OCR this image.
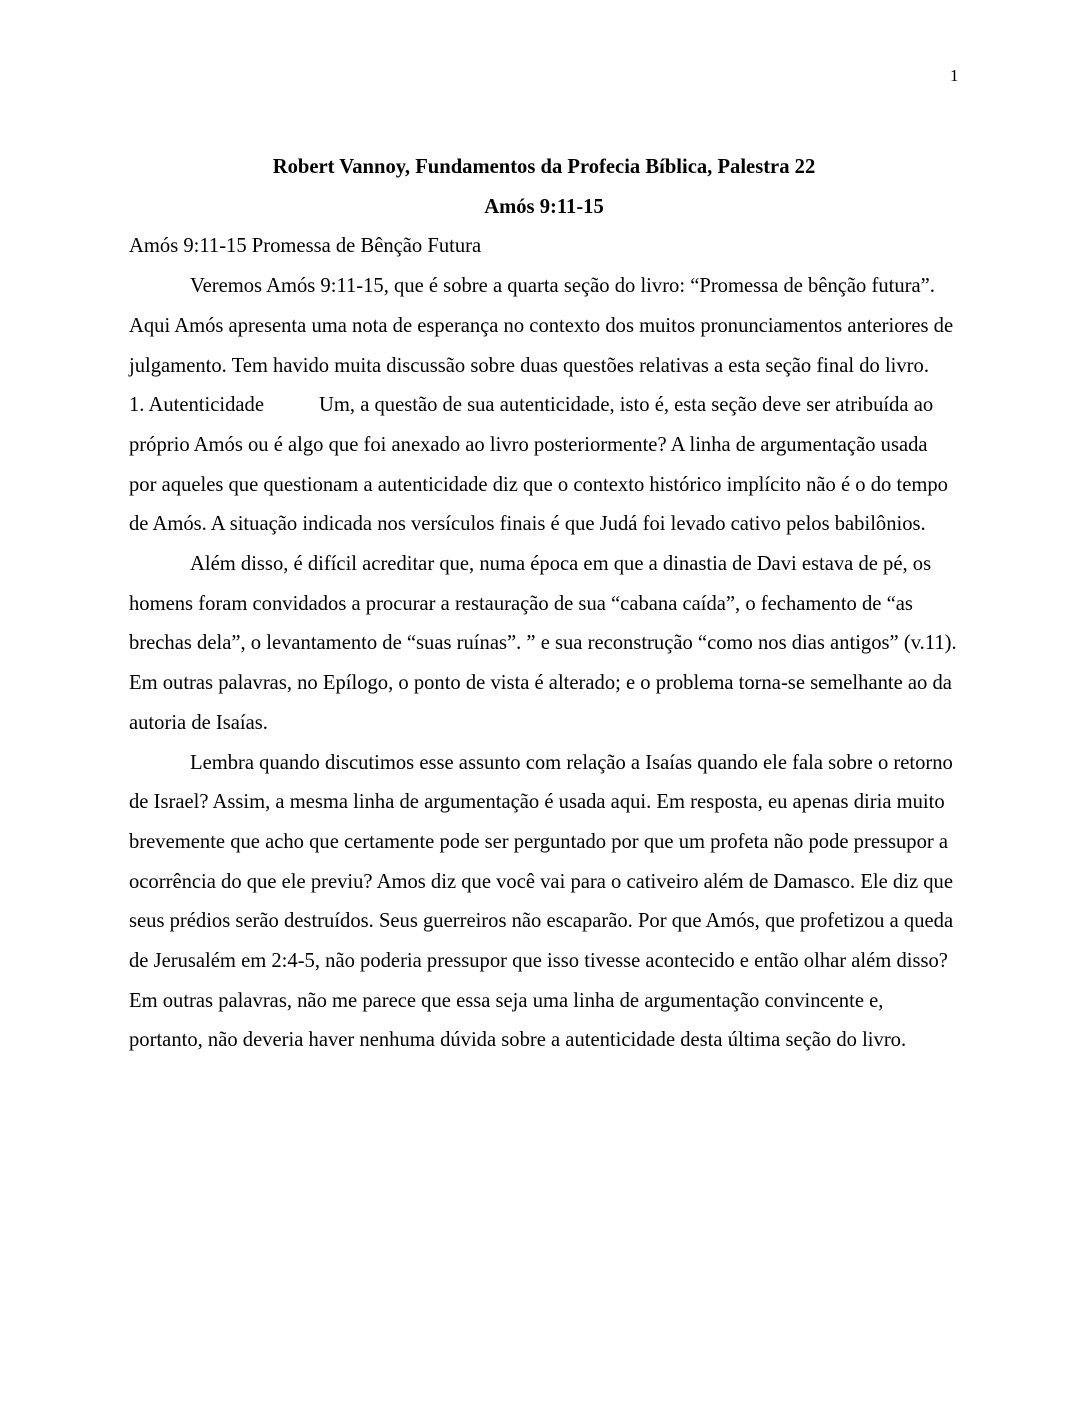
1

Robert Vannoy, Fundamentos da Profecia Bíblica, Palestra 22

Amós 9:11-15

Amós 9:11-15 Promessa de Bênção Futura

Veremos Amós 9:11-15, que é sobre a quarta seção do livro: “Promessa de bênção futura”. Aqui Amós apresenta uma nota de esperança no contexto dos muitos pronunciamentos anteriores de julgamento. Tem havido muita discussão sobre duas questões relativas a esta seção final do livro.

1. Autenticidade	Um, a questão de sua autenticidade, isto é, esta seção deve ser atribuída ao próprio Amós ou é algo que foi anexado ao livro posteriormente? A linha de argumentação usada por aqueles que questionam a autenticidade diz que o contexto histórico implícito não é o do tempo de Amós. A situação indicada nos versículos finais é que Judá foi levado cativo pelos babilônios.

Além disso, é difícil acreditar que, numa época em que a dinastia de Davi estava de pé, os homens foram convidados a procurar a restauração de sua “cabana caída”, o fechamento de “as brechas dela”, o levantamento de “suas ruínas”. ” e sua reconstrução “como nos dias antigos” (v.11). Em outras palavras, no Epílogo, o ponto de vista é alterado; e o problema torna-se semelhante ao da autoria de Isaías.

Lembra quando discutimos esse assunto com relação a Isaías quando ele fala sobre o retorno de Israel? Assim, a mesma linha de argumentação é usada aqui. Em resposta, eu apenas diria muito brevemente que acho que certamente pode ser perguntado por que um profeta não pode pressupor a ocorrência do que ele previu? Amos diz que você vai para o cativeiro além de Damasco. Ele diz que seus prédios serão destruídos. Seus guerreiros não escaparão. Por que Amós, que profetizou a queda de Jerusalém em 2:4-5, não poderia pressupor que isso tivesse acontecido e então olhar além disso? Em outras palavras, não me parece que essa seja uma linha de argumentação convincente e, portanto, não deveria haver nenhuma dúvida sobre a autenticidade desta última seção do livro.
